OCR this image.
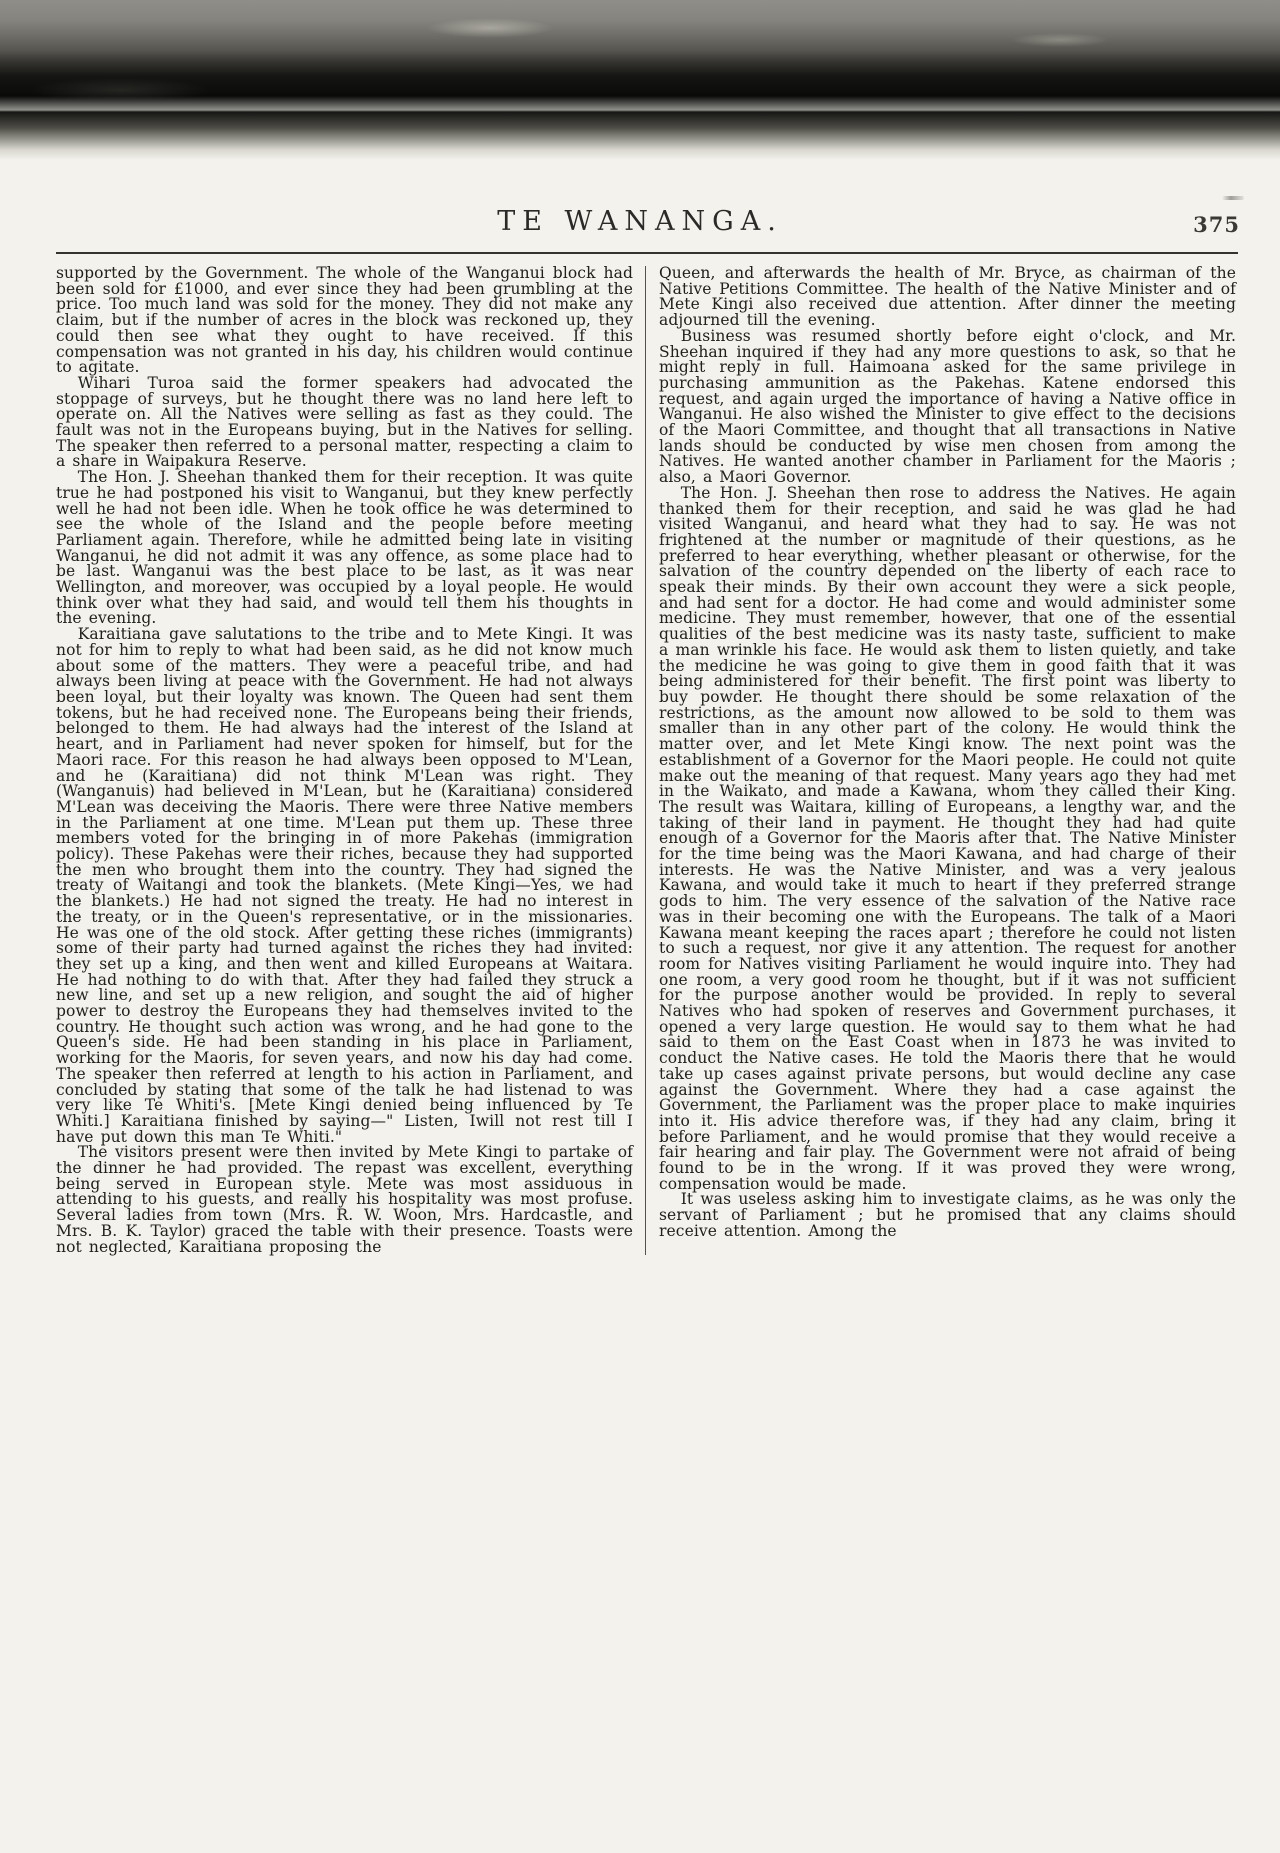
TE WANANGA.	375

supported by the Government. The whole of the Wanganui block had been sold for £1000, and ever since they had been grumbling at the price. Too much land was sold for the money. They did not make any claim, but if the number of acres in the block was reckoned up, they could then see what they ought to have received. If this compensation was not granted in his day, his children would continue to agitate.

Wihari Turoa said the former speakers had advocated the stoppage of surveys, but he thought there was no land here left to operate on. All the Natives were selling as fast as they could. The fault was not in the Europeans buying, but in the Natives for selling. The speaker then referred to a personal matter, respecting a claim to a share in Waipakura Reserve.

The Hon. J. Sheehan thanked them for their reception. It was quite true he had postponed his visit to Wanganui, but they knew perfectly well he had not been idle. When he took office he was determined to see the whole of the Island and the people before meeting Parliament again. Therefore, while he admitted being late in visiting Wanganui, he did not admit it was any offence, as some place had to be last. Wanganui was the best place to be last, as it was near Wellington, and moreover, was occupied by a loyal people. He would think over what they had said, and would tell them his thoughts in the evening.

Karaitiana gave salutations to the tribe and to Mete Kingi. It was not for him to reply to what had been said, as he did not know much about some of the matters. They were a peaceful tribe, and had always been living at peace with the Government. He had not always been loyal, but their loyalty was known. The Queen had sent them tokens, but he had received none. The Europeans being their friends, belonged to them. He had always had the interest of the Island at heart, and in Parliament had never spoken for himself, but for the Maori race. For this reason he had always been opposed to M'Lean, and he (Karaitiana) did not think M'Lean was right. They (Wanganuis) had believed in M'Lean, but he (Karaitiana) considered M'Lean was deceiving the Maoris. There were three Native members in the Parliament at one time. M'Lean put them up. These three members voted for the bringing in of more Pakehas (immigration policy). These Pakehas were their riches, because they had supported the men who brought them into the country. They had signed the treaty of Waitangi and took the blankets. (Mete Kingi—Yes, we had the blankets.) He had not signed the treaty. He had no interest in the treaty, or in the Queen's representative, or in the missionaries. He was one of the old stock. After getting these riches (immigrants) some of their party had turned against the riches they had invited: they set up a king, and then went and killed Europeans at Waitara. He had nothing to do with that. After they had failed they struck a new line, and set up a new religion, and sought the aid of higher power to destroy the Europeans they had themselves invited to the country. He thought such action was wrong, and he had gone to the Queen's side. He had been standing in his place in Parliament, working for the Maoris, for seven years, and now his day had come. The speaker then referred at length to his action in Parliament, and concluded by stating that some of the talk he had listenad to was very like Te Whiti's. [Mete Kingi denied being influenced by Te Whiti.] Karaitiana finished by saying—" Listen, Iwill not rest till I have put down this man Te Whiti."

The visitors present were then invited by Mete Kingi to partake of the dinner he had provided. The repast was excellent, everything being served in European style. Mete was most assiduous in attending to his guests, and really his hospitality was most profuse. Several ladies from town (Mrs. R. W. Woon, Mrs. Hardcastle, and Mrs. B. K. Taylor) graced the table with their presence. Toasts were not neglected, Karaitiana proposing the

Queen, and afterwards the health of Mr. Bryce, as chairman of the Native Petitions Committee. The health of the Native Minister and of Mete Kingi also received due attention. After dinner the meeting adjourned till the evening.

Business was resumed shortly before eight o'clock, and Mr. Sheehan inquired if they had any more questions to ask, so that he might reply in full. Haimoana asked for the same privilege in purchasing ammunition as the Pakehas. Katene endorsed this request, and again urged the importance of having a Native office in Wanganui. He also wished the Minister to give effect to the decisions of the Maori Committee, and thought that all transactions in Native lands should be conducted by wise men chosen from among the Natives. He wanted another chamber in Parliament for the Maoris ; also, a Maori Governor.

The Hon. J. Sheehan then rose to address the Natives. He again thanked them for their reception, and said he was glad he had visited Wanganui, and heard what they had to say. He was not frightened at the number or magnitude of their questions, as he preferred to hear everything, whether pleasant or otherwise, for the salvation of the country depended on the liberty of each race to speak their minds. By their own account they were a sick people, and had sent for a doctor. He had come and would administer some medicine. They must remember, however, that one of the essential qualities of the best medicine was its nasty taste, sufficient to make a man wrinkle his face. He would ask them to listen quietly, and take the medicine he was going to give them in good faith that it was being administered for their benefit. The first point was liberty to buy powder. He thought there should be some relaxation of the restrictions, as the amount now allowed to be sold to them was smaller than in any other part of the colony. He would think the matter over, and let Mete Kingi know. The next point was the establishment of a Governor for the Maori people. He could not quite make out the meaning of that request. Many years ago they had met in the Waikato, and made a Kawana, whom they called their King. The result was Waitara, killing of Europeans, a lengthy war, and the taking of their land in payment. He thought they had had quite enough of a Governor for the Maoris after that. The Native Minister for the time being was the Maori Kawana, and had charge of their interests. He was the Native Minister, and was a very jealous Kawana, and would take it much to heart if they preferred strange gods to him. The very essence of the salvation of the Native race was in their becoming one with the Europeans. The talk of a Maori Kawana meant keeping the races apart ; therefore he could not listen to such a request, nor give it any attention. The request for another room for Natives visiting Parliament he would inquire into. They had one room, a very good room he thought, but if it was not sufficient for the purpose another would be provided. In reply to several Natives who had spoken of reserves and Government purchases, it opened a very large question. He would say to them what he had said to them on the East Coast when in 1873 he was invited to conduct the Native cases. He told the Maoris there that he would take up cases against private persons, but would decline any case against the Government. Where they had a case against the Government, the Parliament was the proper place to make inquiries into it. His advice therefore was, if they had any claim, bring it before Parliament, and he would promise that they would receive a fair hearing and fair play. The Government were not afraid of being found to be in the wrong. If it was proved they were wrong, compensation would be made.

It was useless asking him to investigate claims, as he was only the servant of Parliament ; but he promised that any claims should receive attention. Among the
